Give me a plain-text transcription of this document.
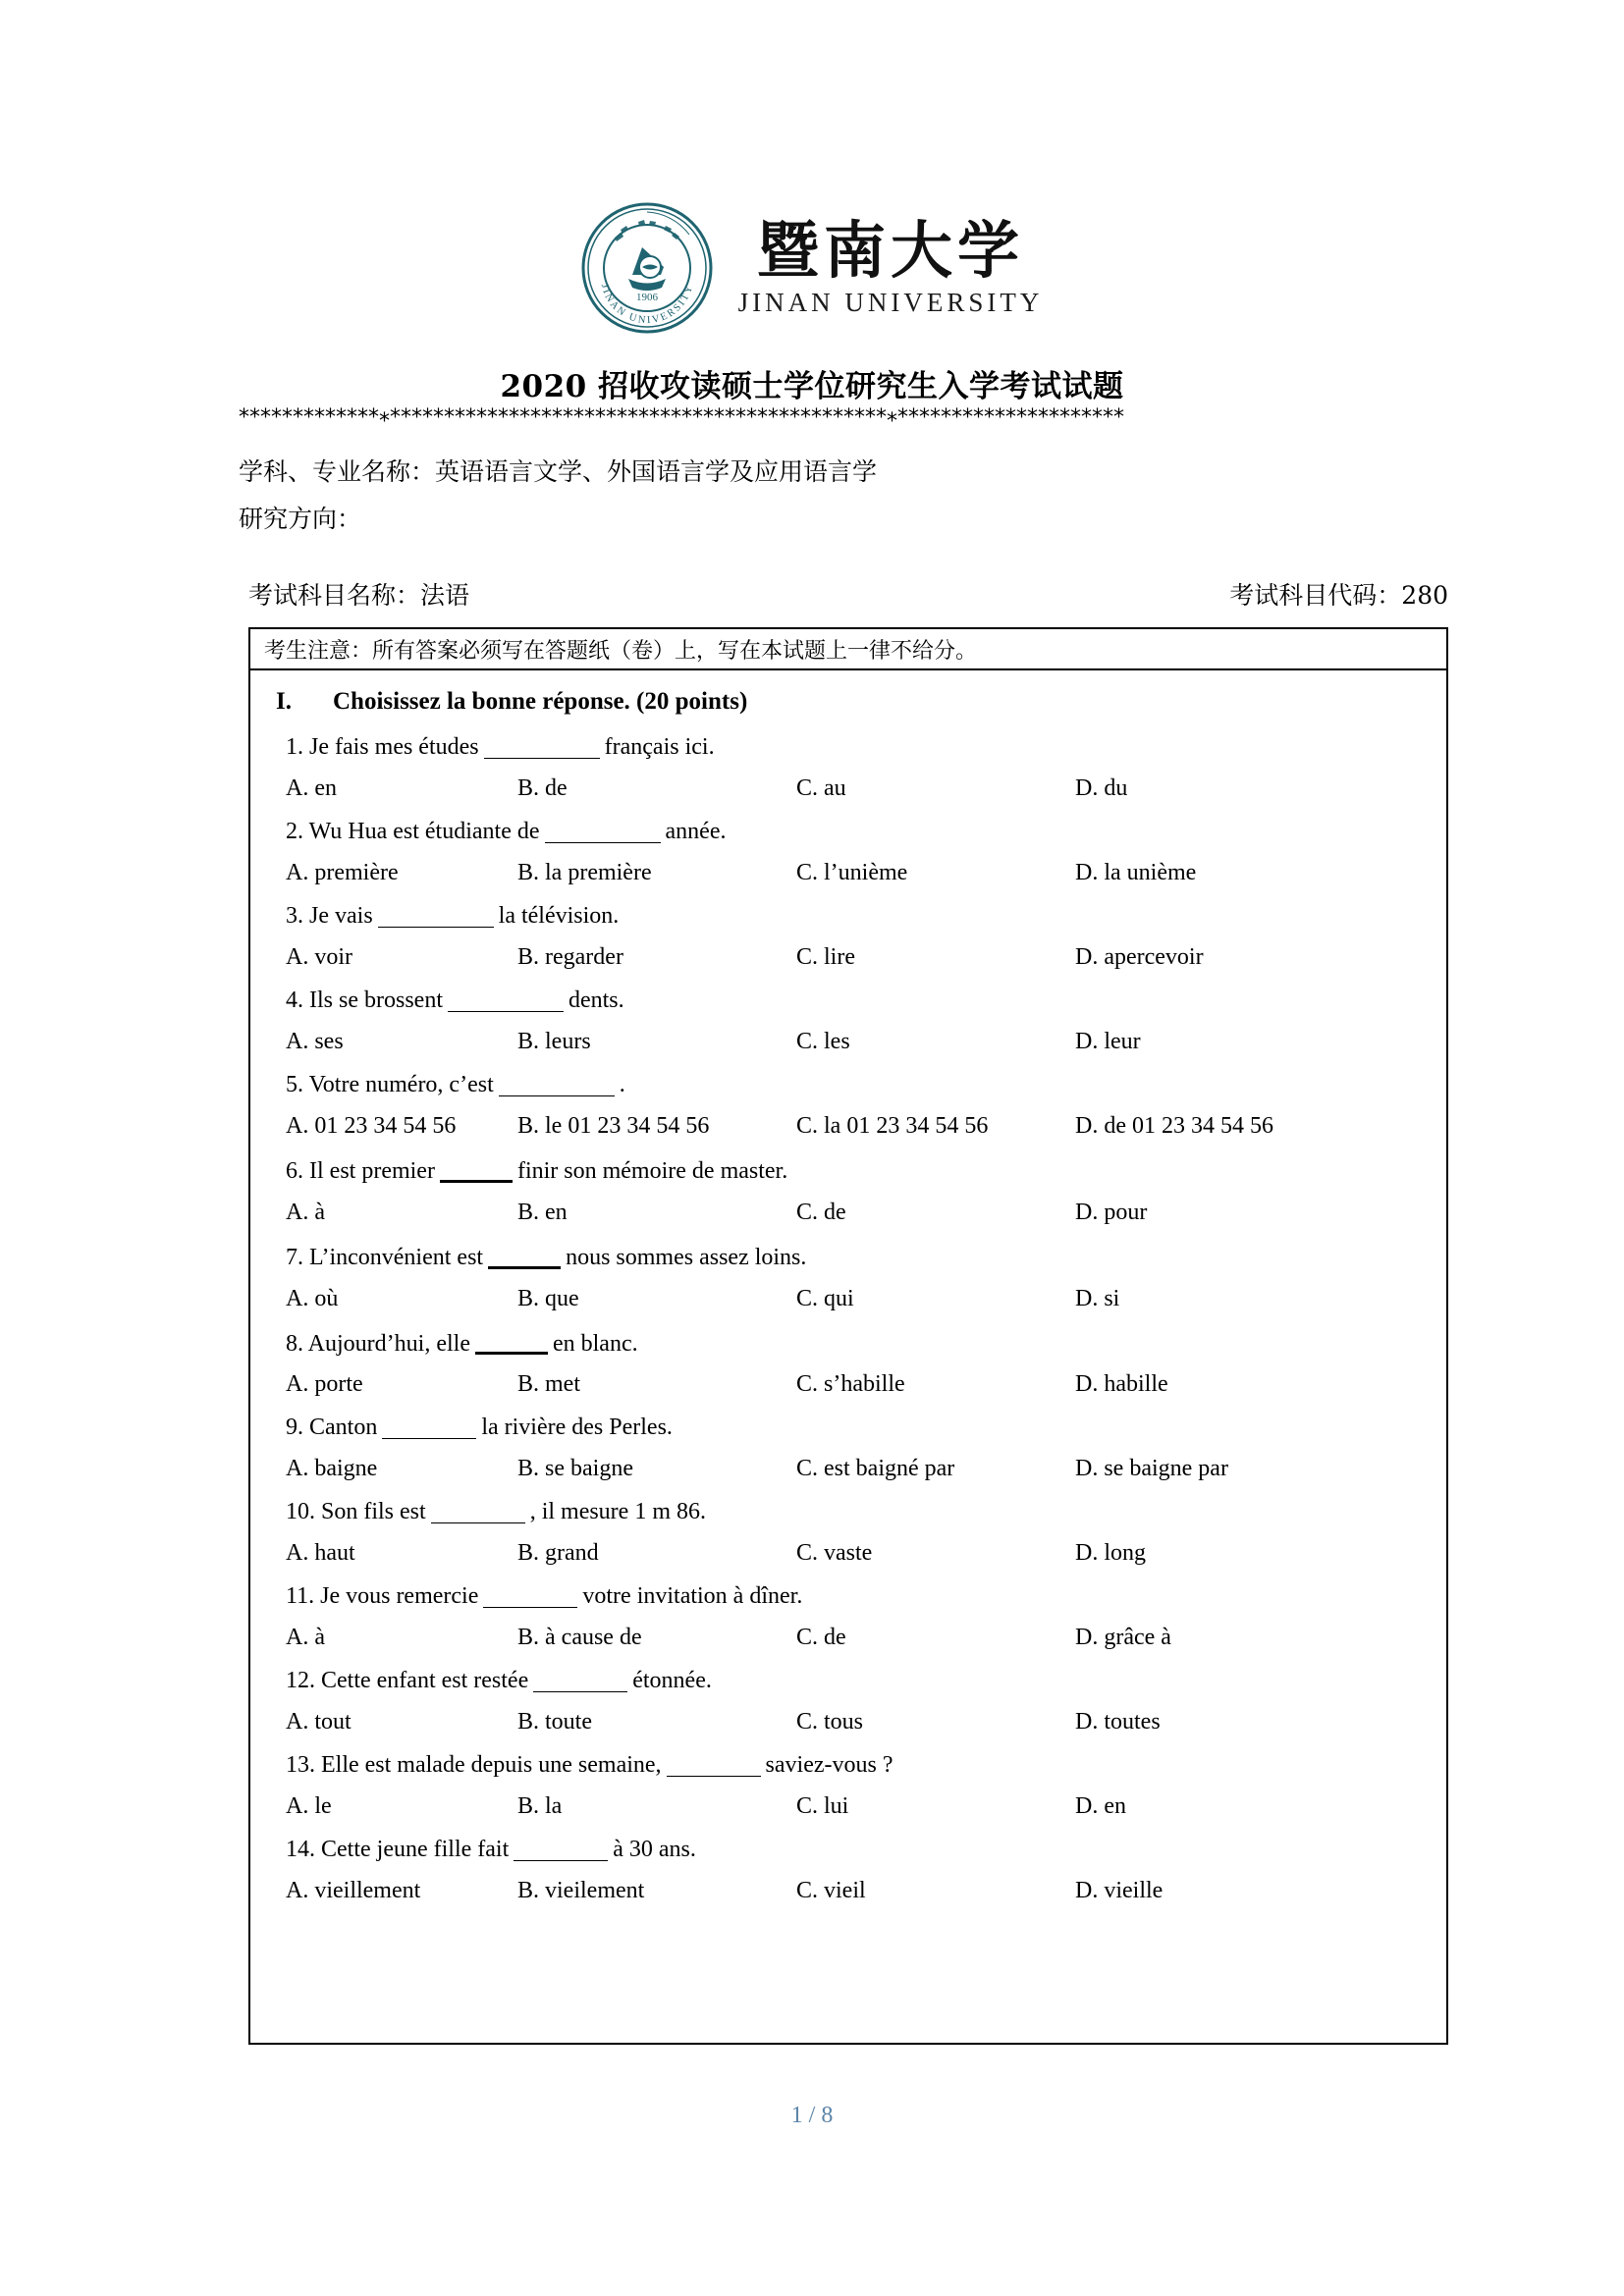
1906
JINAN UNIVERSITY
暨南大学
JINAN UNIVERSITY
2020 招收攻读硕士学位研究生入学考试试题
**********************************************************************************
学科、专业名称：英语语言文学、外国语言学及应用语言学
研究方向：
考试科目名称：法语	考试科目代码：280
考生注意：所有答案必须写在答题纸（卷）上，写在本试题上一律不给分。
I.	Choisissez la bonne réponse. (20 points)
1. Je fais mes études	français ici.
A. en	B. de	C. au	D. du
2. Wu Hua est étudiante de	année.
A. première	B. la première	C. l’unième	D. la unième
3. Je vais	la télévision.
A. voir	B. regarder	C. lire	D. apercevoir
4. Ils se brossent	dents.
A. ses	B. leurs	C. les	D. leur
5. Votre numéro, c’est	.
A. 01 23 34 54 56	B. le 01 23 34 54 56	C. la 01 23 34 54 56	D. de 01 23 34 54 56
6. Il est premier	finir son mémoire de master.
A. à	B. en	C. de	D. pour
7. L’inconvénient est	nous sommes assez loins.
A. où	B. que	C. qui	D. si
8. Aujourd’hui, elle	en blanc.
A. porte	B. met	C. s’habille	D. habille
9. Canton	la rivière des Perles.
A. baigne	B. se baigne	C. est baigné par	D. se baigne par
10. Son fils est	, il mesure 1 m 86.
A. haut	B. grand	C. vaste	D. long
11. Je vous remercie	votre invitation à dîner.
A. à	B. à cause de	C. de	D. grâce à
12. Cette enfant est restée	étonnée.
A. tout	B. toute	C. tous	D. toutes
13. Elle est malade depuis une semaine,	saviez-vous ?
A. le	B. la	C. lui	D. en
14. Cette jeune fille fait	à 30 ans.
A. vieillement	B. vieilement	C. vieil	D. vieille
1 / 8
